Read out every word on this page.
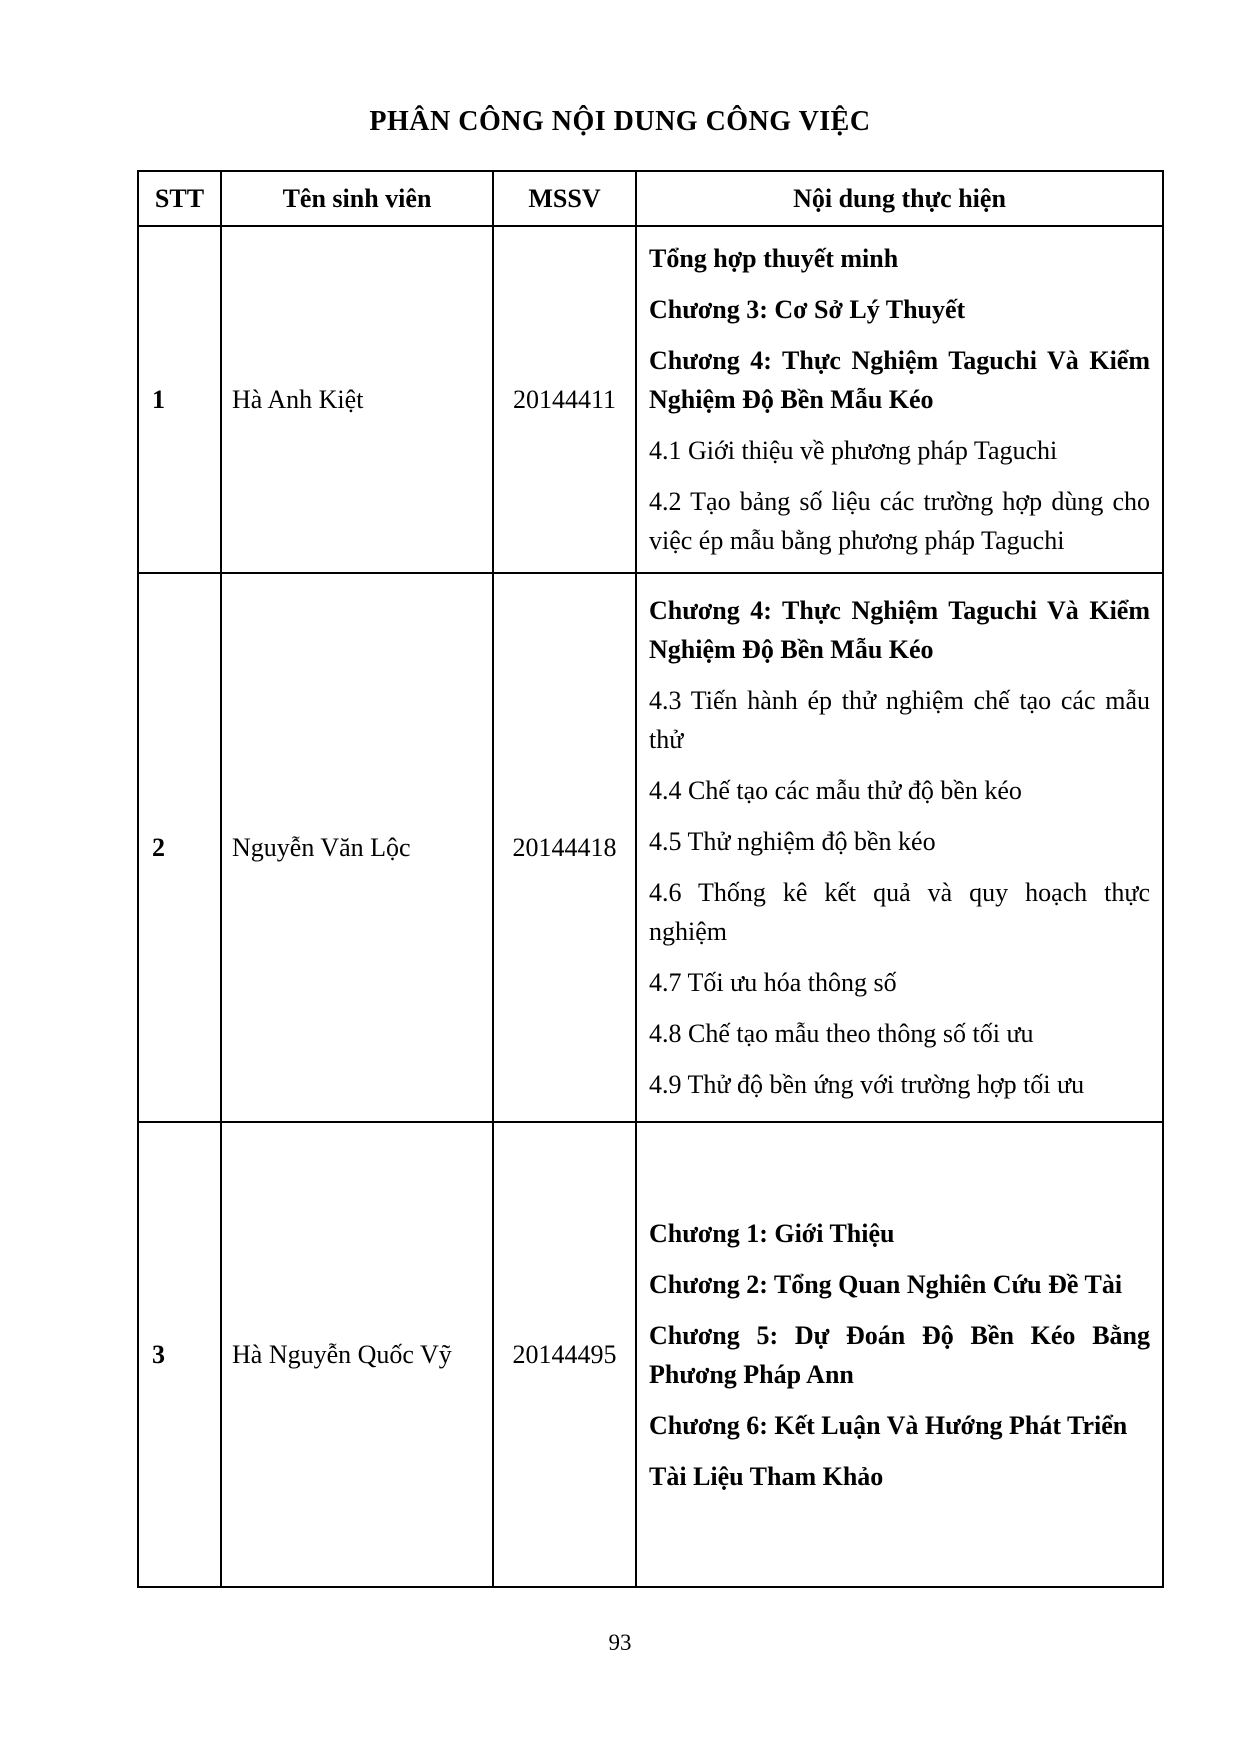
PHÂN CÔNG NỘI DUNG CÔNG VIỆC
STT	Tên sinh viên	MSSV	Nội dung thực hiện
1	Hà Anh Kiệt	20144411	Tổng hợp thuyết minh

Chương 3: Cơ Sở Lý Thuyết

Chương 4: Thực Nghiệm Taguchi Và Kiểm Nghiệm Độ Bền Mẫu Kéo

4.1 Giới thiệu về phương pháp Taguchi

4.2 Tạo bảng số liệu các trường hợp dùng cho việc ép mẫu bằng phương pháp Taguchi

2	Nguyễn Văn Lộc	20144418	

Chương 4: Thực Nghiệm Taguchi Và Kiểm Nghiệm Độ Bền Mẫu Kéo

4.3 Tiến hành ép thử nghiệm chế tạo các mẫu thử

4.4 Chế tạo các mẫu thử độ bền kéo

4.5 Thử nghiệm độ bền kéo

4.6 Thống kê kết quả và quy hoạch thực nghiệm

4.7 Tối ưu hóa thông số

4.8 Chế tạo mẫu theo thông số tối ưu

4.9 Thử độ bền ứng với trường hợp tối ưu

3	Hà Nguyễn Quốc Vỹ	20144495	Chương 1: Giới Thiệu

Chương 2: Tổng Quan Nghiên Cứu Đề Tài

Chương 5: Dự Đoán Độ Bền Kéo Bằng Phương Pháp Ann

Chương 6: Kết Luận Và Hướng Phát Triển

Tài Liệu Tham Khảo

93
